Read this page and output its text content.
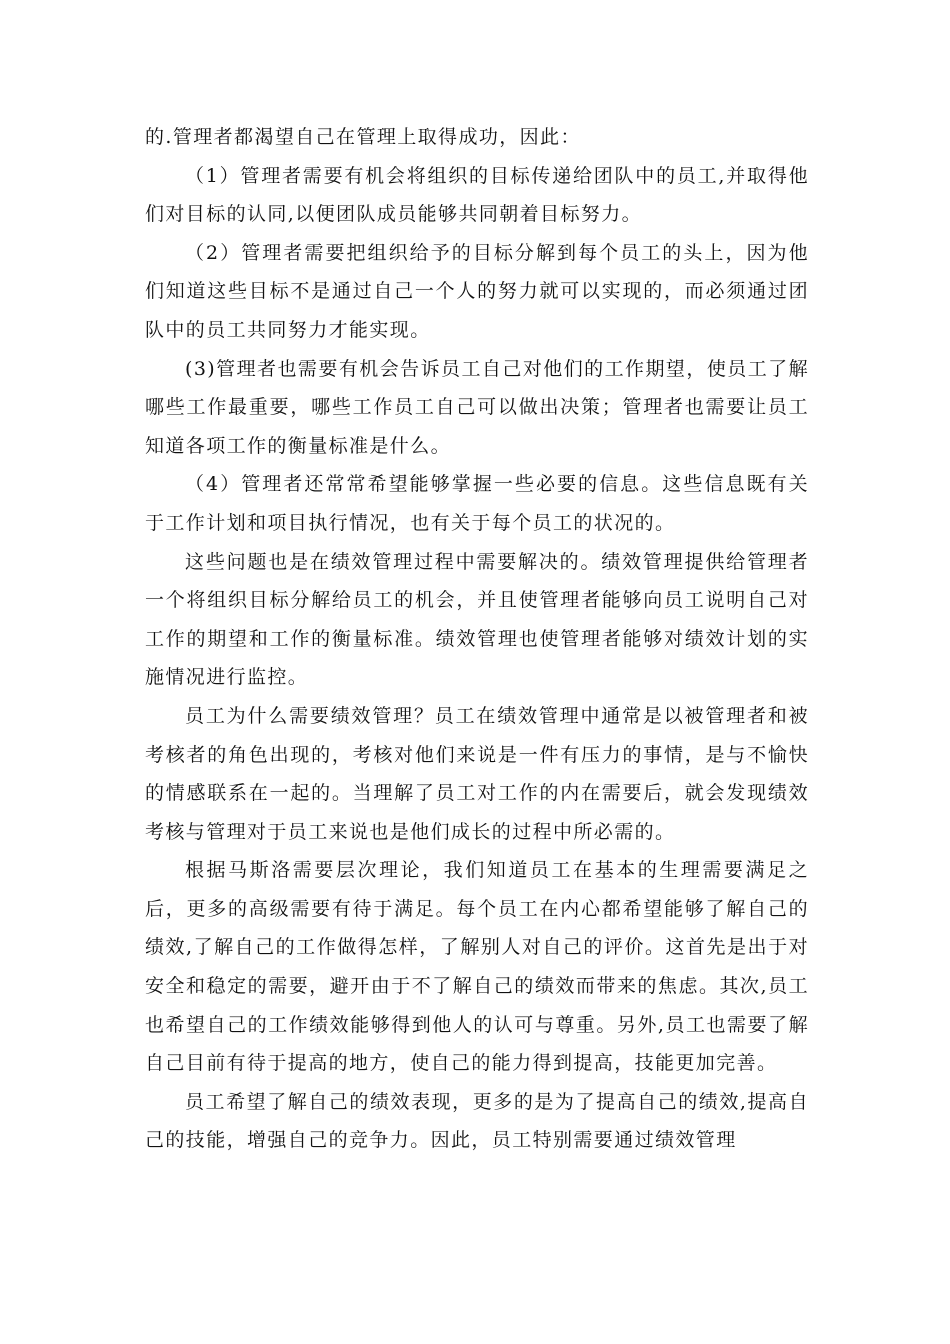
的.管理者都渴望自己在管理上取得成功，因此：

（1）管理者需要有机会将组织的目标传递给团队中的员工,并取得他们对目标的认同,以便团队成员能够共同朝着目标努力。

（2）管理者需要把组织给予的目标分解到每个员工的头上，因为他们知道这些目标不是通过自己一个人的努力就可以实现的，而必须通过团队中的员工共同努力才能实现。

(3)管理者也需要有机会告诉员工自己对他们的工作期望，使员工了解哪些工作最重要，哪些工作员工自己可以做出决策；管理者也需要让员工知道各项工作的衡量标准是什么。

（4）管理者还常常希望能够掌握一些必要的信息。这些信息既有关于工作计划和项目执行情况，也有关于每个员工的状况的。

这些问题也是在绩效管理过程中需要解决的。绩效管理提供给管理者一个将组织目标分解给员工的机会，并且使管理者能够向员工说明自己对工作的期望和工作的衡量标准。绩效管理也使管理者能够对绩效计划的实施情况进行监控。

员工为什么需要绩效管理？员工在绩效管理中通常是以被管理者和被考核者的角色出现的，考核对他们来说是一件有压力的事情，是与不愉快的情感联系在一起的。当理解了员工对工作的内在需要后，就会发现绩效考核与管理对于员工来说也是他们成长的过程中所必需的。

根据马斯洛需要层次理论，我们知道员工在基本的生理需要满足之后，更多的高级需要有待于满足。每个员工在内心都希望能够了解自己的绩效,了解自己的工作做得怎样，了解别人对自己的评价。这首先是出于对安全和稳定的需要，避开由于不了解自己的绩效而带来的焦虑。其次,员工也希望自己的工作绩效能够得到他人的认可与尊重。另外,员工也需要了解自己目前有待于提高的地方，使自己的能力得到提高，技能更加完善。

员工希望了解自己的绩效表现，更多的是为了提高自己的绩效,提高自己的技能，增强自己的竞争力。因此，员工特别需要通过绩效管理
